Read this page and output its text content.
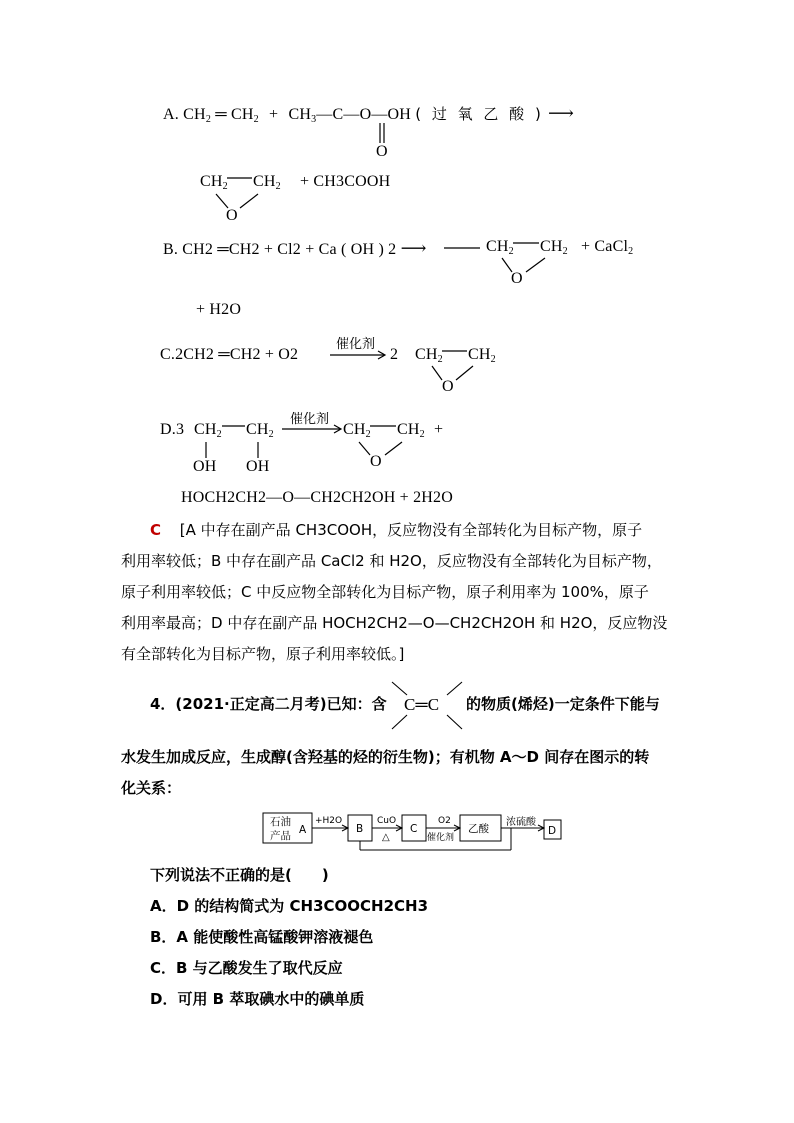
A. $CH_2$ ═ $CH_2$ + $CH_3—C—O—OH$ ( 过 氧 乙 酸 ) ⟶
O
$CH_2$ $CH_2$
O
+ CH3COOH
B. CH2 ═CH2 + Cl2 + Ca ( OH ) 2 ⟶	$CH_2$ $CH_2$
O
+ CaCl$_2$
+ H2O
C.2CH2 ═CH2 + O2
催化剂
2 $CH_2$ $CH_2$
O
D.3 $CH_2$ $CH_2$
OH OH
催化剂
$CH_2$ $CH_2$
O
+
HOCH2CH2—O—CH2CH2OH + 2H2O
C [A 中存在副产品 CH3COOH，反应物没有全部转化为目标产物，原子
利用率较低；B 中存在副产品 CaCl2 和 H2O，反应物没有全部转化为目标产物，
原子利用率较低；C 中反应物全部转化为目标产物，原子利用率为 100%，原子
利用率最高；D 中存在副产品 HOCH2CH2—O—CH2CH2OH 和 H2O，反应物没
有全部转化为目标产物，原子利用率较低。]
4．(2021·正定高二月考)已知：含 C═C 的物质(烯烃)一定条件下能与
水发生加成反应，生成醇(含羟基的烃的衍生物)；有机物 A～D 间存在图示的转
化关系：
石油
产品 A
+H2O
B
CuO
△
C
O2
催化剂
乙酸
浓硫酸
D
下列说法不正确的是(　　)
A．D 的结构简式为 CH3COOCH2CH3
B．A 能使酸性高锰酸钾溶液褪色
C．B 与乙酸发生了取代反应
D．可用 B 萃取碘水中的碘单质
